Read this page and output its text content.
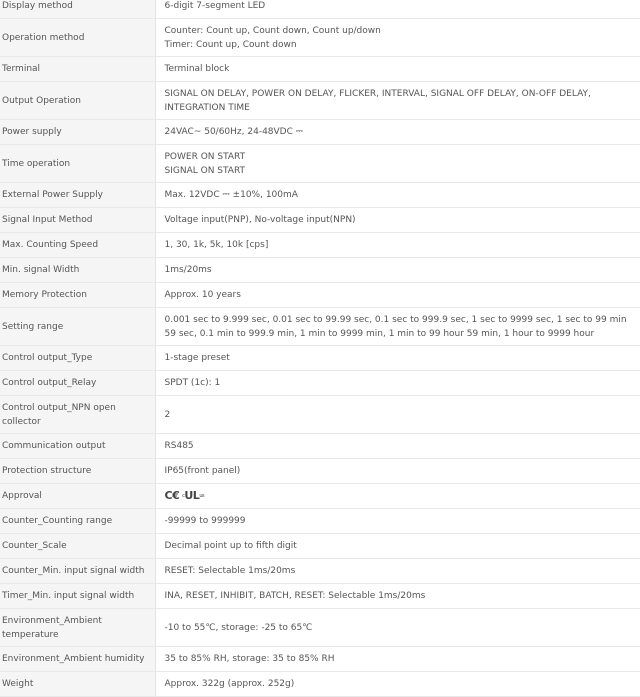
Display method	6-digit 7-segment LED

Operation method	Counter: Count up, Count down, Count up/down
Timer: Count up, Count down

Terminal	Terminal block

Output Operation	SIGNAL ON DELAY, POWER ON DELAY, FLICKER, INTERVAL, SIGNAL OFF DELAY, ON-OFF DELAY, INTEGRATION TIME

Power supply	24VAC~ 50/60Hz, 24-48VDC ⎓

Time operation	POWER ON START
SIGNAL ON START

External Power Supply	Max. 12VDC ⎓ ±10%, 100mA

Signal Input Method	Voltage input(PNP), No-voltage input(NPN)

Max. Counting Speed	1, 30, 1k, 5k, 10k [cps]

Min. signal Width	1ms/20ms

Memory Protection	Approx. 10 years

Setting range	0.001 sec to 9.999 sec, 0.01 sec to 99.99 sec, 0.1 sec to 999.9 sec, 1 sec to 9999 sec, 1 sec to 99 min 59 sec, 0.1 min to 999.9 min, 1 min to 9999 min, 1 min to 99 hour 59 min, 1 hour to 9999 hour

Control output_Type	1-stage preset

Control output_Relay	SPDT (1c): 1

Control output_NPN open collector	2

Communication output	RS485

Protection structure	IP65(front panel)

Approval	C€ $^cUL^{us}$
Counter_Counting range	-99999 to 999999

Counter_Scale	Decimal point up to fifth digit

Counter_Min. input signal width	RESET: Selectable 1ms/20ms

Timer_Min. input signal width	INA, RESET, INHIBIT, BATCH, RESET: Selectable 1ms/20ms

Environment_Ambient temperature	-10 to 55℃, storage: -25 to 65℃

Environment_Ambient humidity	35 to 85% RH, storage: 35 to 85% RH

Weight	Approx. 322g (approx. 252g)
